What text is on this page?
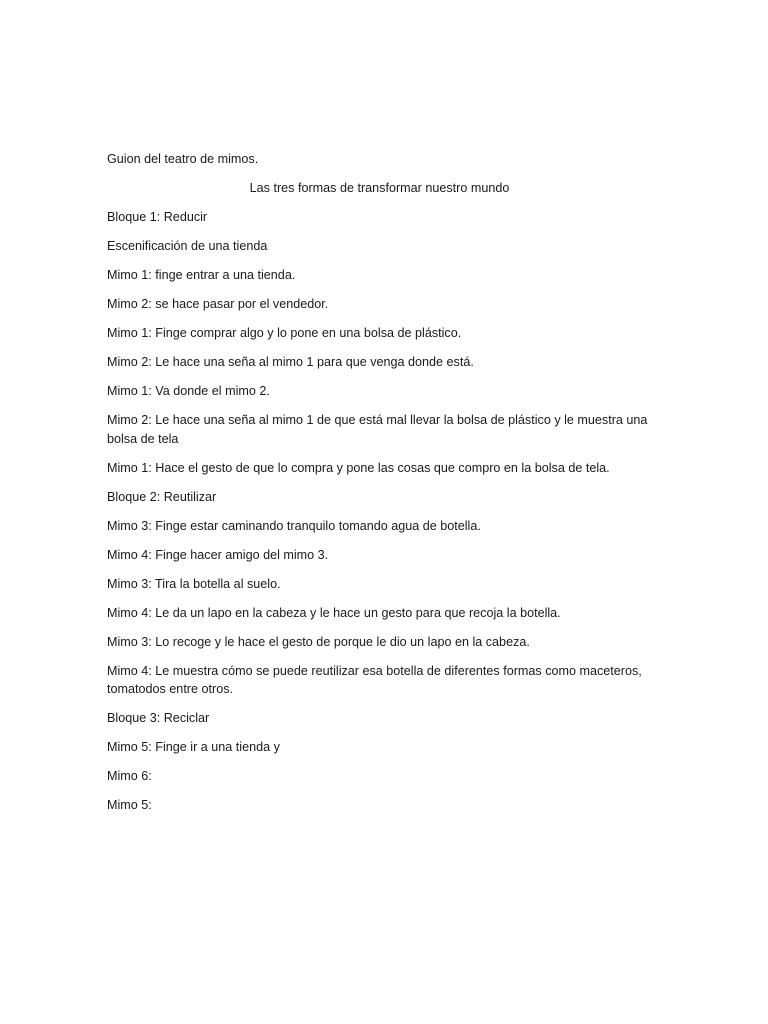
Guion del teatro de mimos.

Las tres formas de transformar nuestro mundo

Bloque 1: Reducir

Escenificación de una tienda

Mimo 1: finge entrar a una tienda.

Mimo 2: se hace pasar por el vendedor.

Mimo 1: Finge comprar algo y lo pone en una bolsa de plástico.

Mimo 2: Le hace una seña al mimo 1 para que venga donde está.

Mimo 1: Va donde el mimo 2.

Mimo 2: Le hace una seña al mimo 1 de que está mal llevar la bolsa de plástico y le muestra una bolsa de tela

Mimo 1: Hace el gesto de que lo compra y pone las cosas que compro en la bolsa de tela.

Bloque 2: Reutilizar

Mimo 3: Finge estar caminando tranquilo tomando agua de botella.

Mimo 4: Finge hacer amigo del mimo 3.

Mimo 3: Tira la botella al suelo.

Mimo 4: Le da un lapo en la cabeza y le hace un gesto para que recoja la botella.

Mimo 3: Lo recoge y le hace el gesto de porque le dio un lapo en la cabeza.

Mimo 4: Le muestra cómo se puede reutilizar esa botella de diferentes formas como maceteros, tomatodos entre otros.

Bloque 3: Reciclar

Mimo 5: Finge ir a una tienda y

Mimo 6:

Mimo 5:
